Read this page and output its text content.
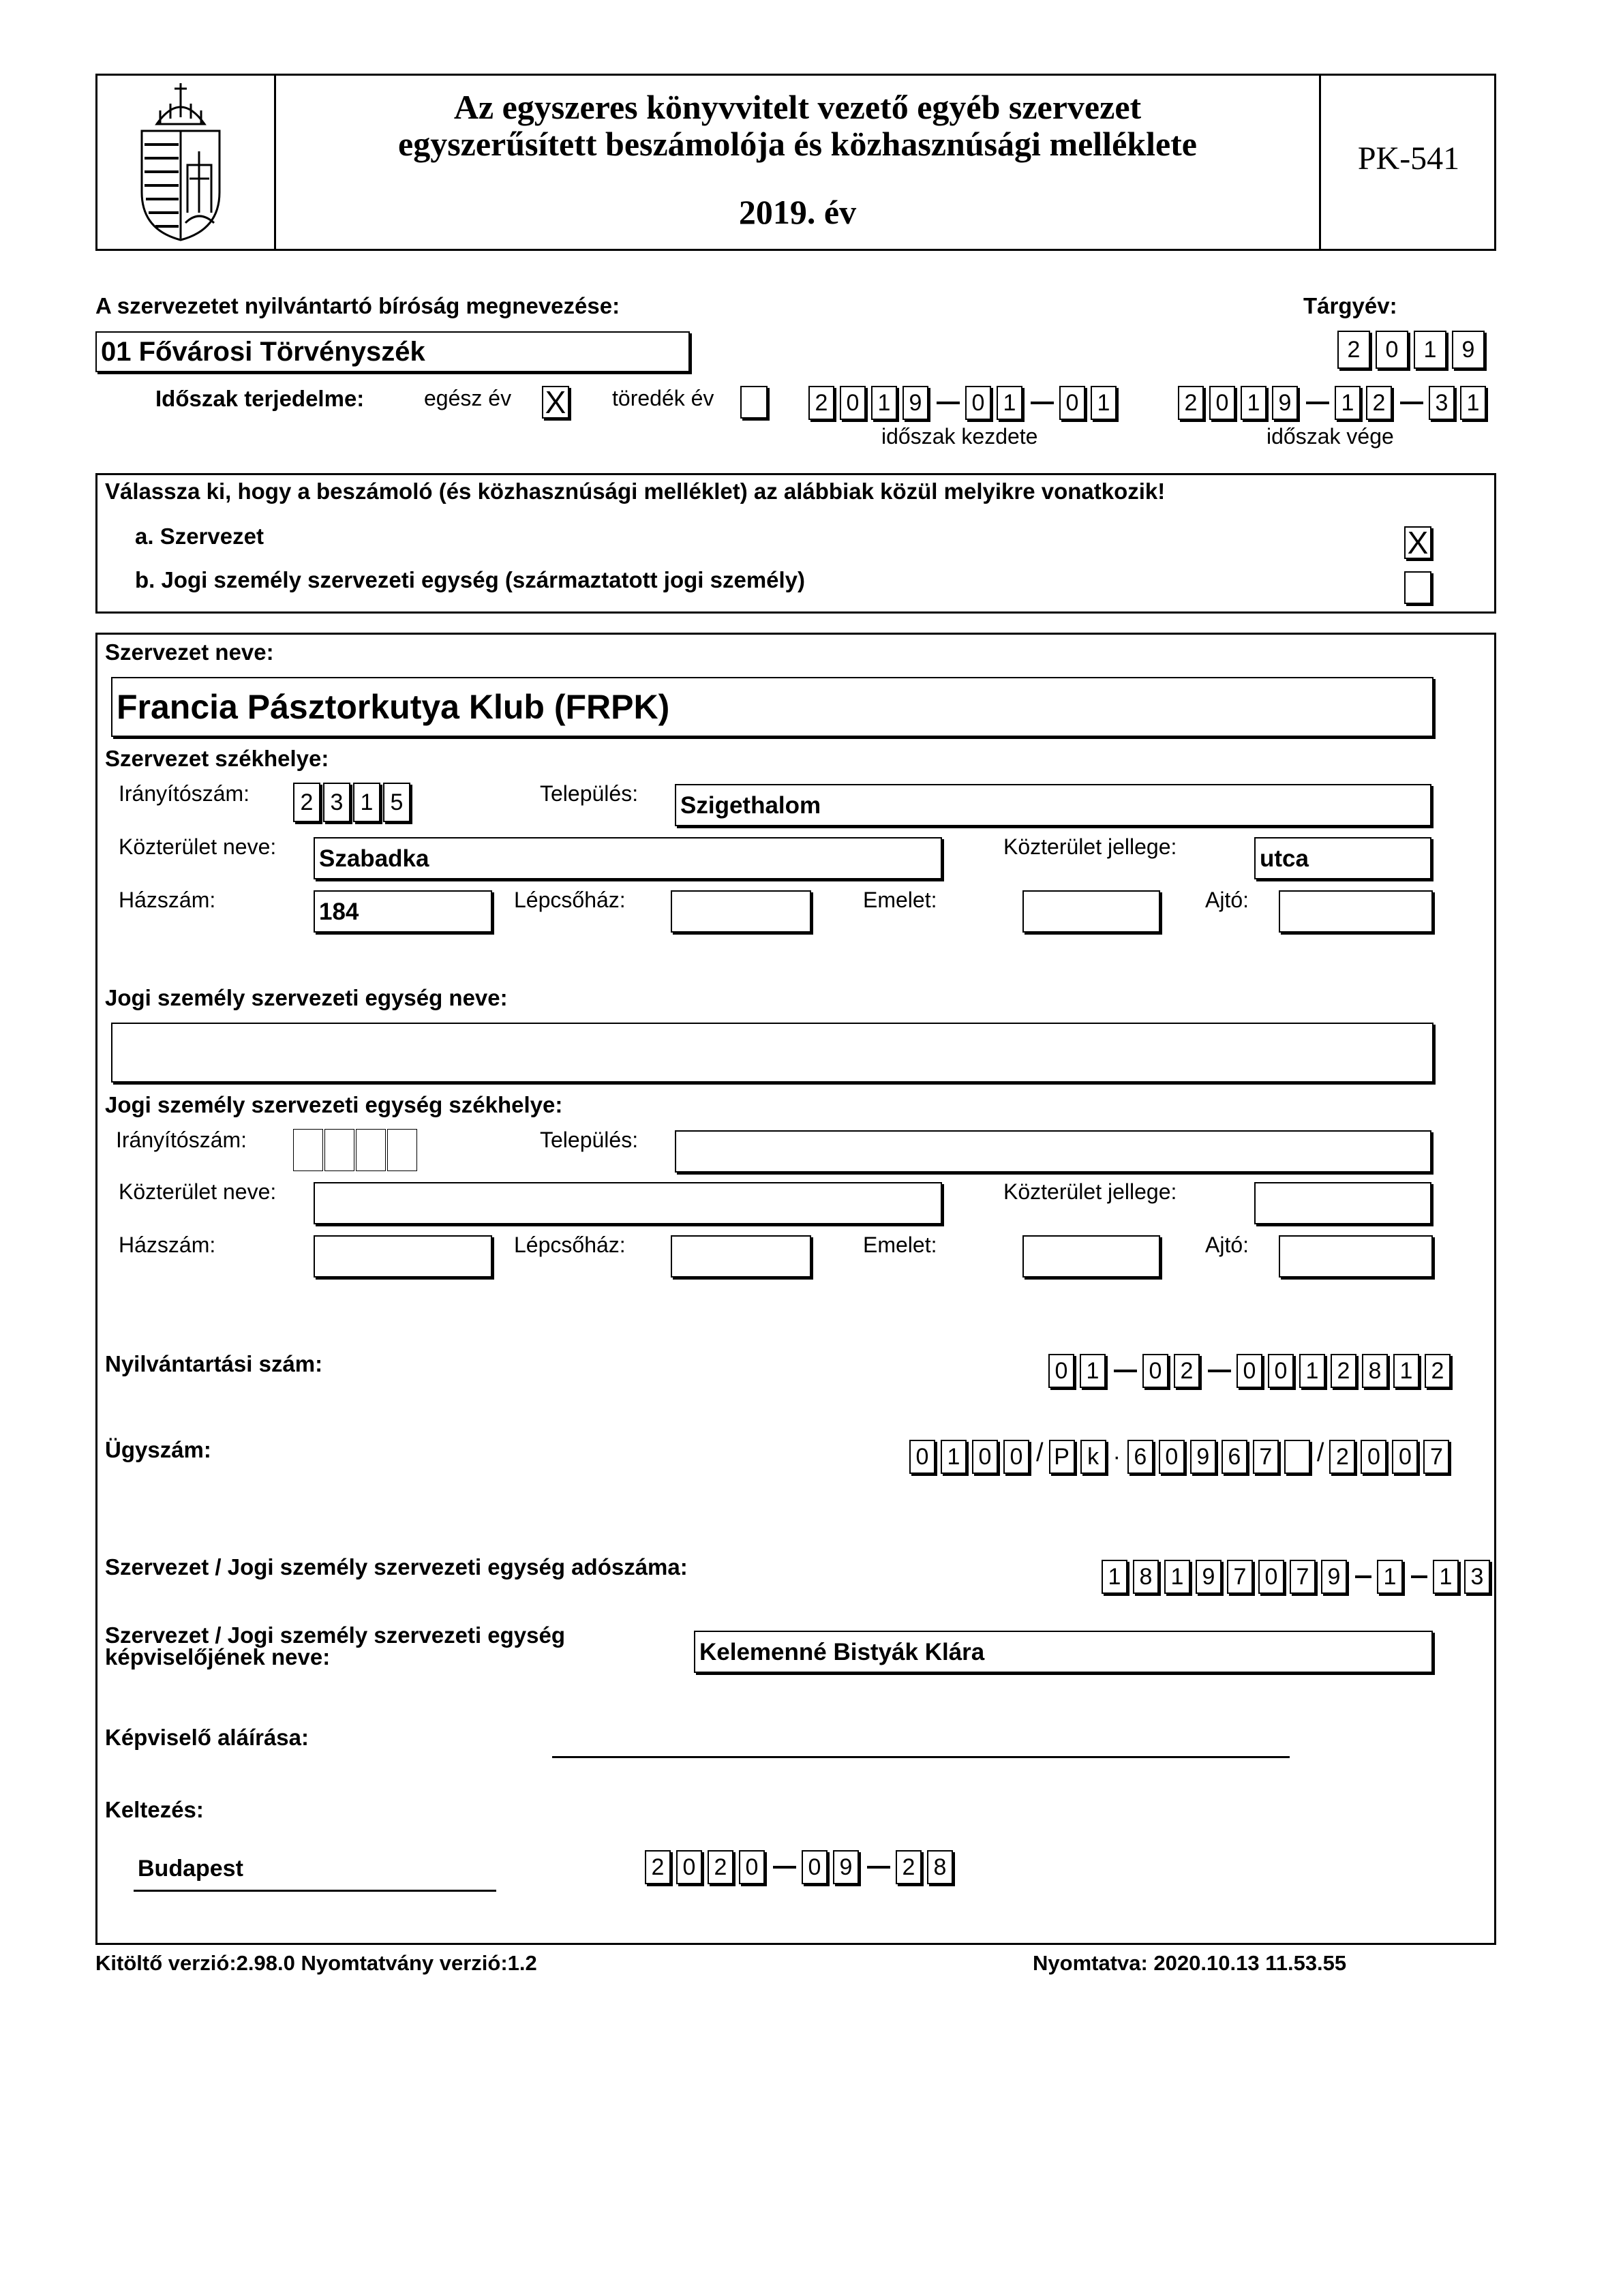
Az egyszeres könyvvitelt vezető egyéb szervezet
egyszerűsített beszámolója és közhasznúsági melléklete
2019. év
PK-541
A szervezetet nyilvántartó bíróság megnevezése:	Tárgyév:
01 Fővárosi Törvényszék	2	0	1	9
Időszak terjedelme:	egész év X töredék év	2 0 1 9 0 1 0 1
időszak kezdete
2 0 1 9 1 2 3 1
időszak vége
Válassza ki, hogy a beszámoló (és közhasznúsági melléklet) az alábbiak közül melyikre vonatkozik!
a. Szervezet	X
b. Jogi személy szervezeti egység (származtatott jogi személy)
Szervezet neve:
Francia Pásztorkutya Klub (FRPK)
Szervezet székhelye:
Irányítószám:	2 3 1 5	Település: Szigethalom
Közterület neve: Szabadka	Közterület jellege:	utca
Házszám:	184	Lépcsőház:	Emelet:	Ajtó:
Jogi személy szervezeti egység neve:
Jogi személy szervezeti egység székhelye:
Irányítószám:	Település:
Közterület neve:	Közterület jellege:
Házszám:	Lépcsőház:	Emelet:	Ajtó:
Nyilvántartási szám:	0 1 0 2 0 0 1 2 8 1 2
Ügyszám:	0 1 0 0 / P k · 6 0 9 6 7 / 2 0 0 7
Szervezet / Jogi személy szervezeti egység adószáma:	1 8 1 9 7 0 7 9 1 1 3
Szervezet / Jogi személy szervezeti egység
képviselőjének neve:	Kelemenné Bistyák Klára
Képviselő aláírása:
Keltezés:
Budapest	2 0 2 0 0 9 2 8
Kitöltő verzió:2.98.0 Nyomtatvány verzió:1.2	Nyomtatva: 2020.10.13 11.53.55
